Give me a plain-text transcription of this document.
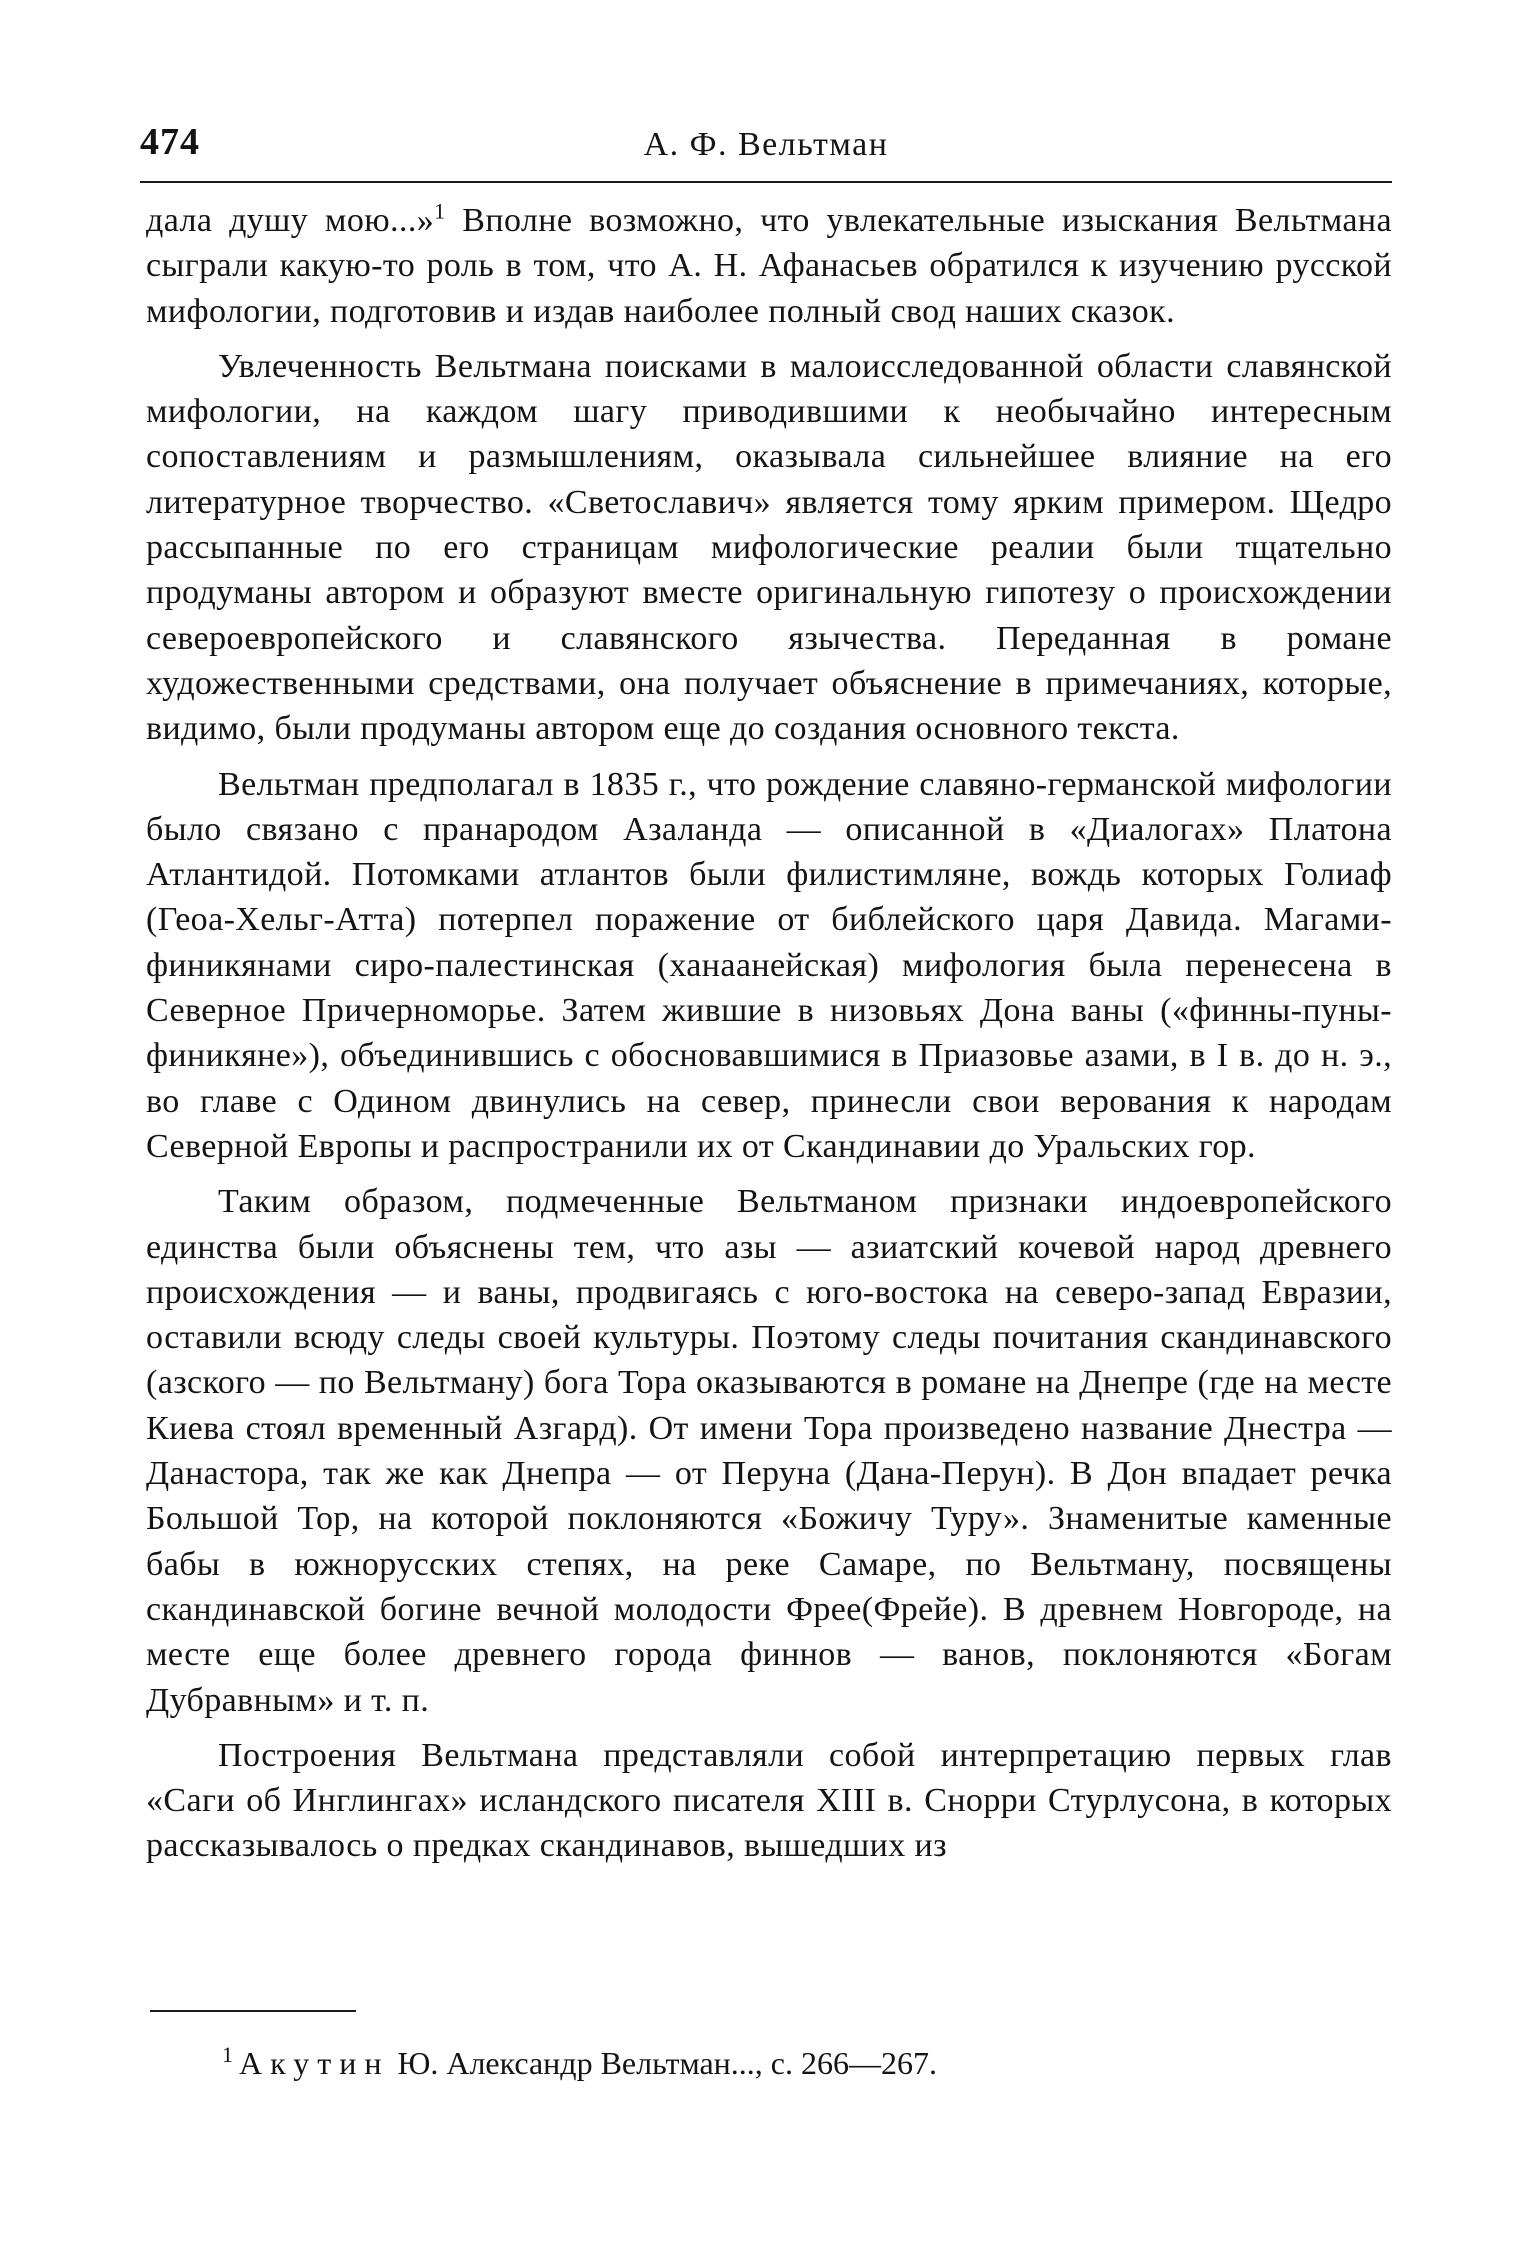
474	А. Ф. Вельтман

дала душу мою...»$^1$ Вполне возможно, что увлекательные изыскания Вельтмана сыграли какую-то роль в том, что А. Н. Афанасьев обратился к изучению русской мифологии, подготовив и издав наиболее полный свод наших сказок.

Увлеченность Вельтмана поисками в малоисследованной области славянской мифологии, на каждом шагу приводившими к необычайно интересным сопоставлениям и размышлениям, оказывала сильнейшее влияние на его литературное творчество. «Светославич» является тому ярким примером. Щедро рассыпанные по его страницам мифологические реалии были тщательно продуманы автором и образуют вместе оригинальную гипотезу о происхождении североевропейского и славянского язычества. Переданная в романе художественными средствами, она получает объяснение в примечаниях, которые, видимо, были продуманы автором еще до создания основного текста.

Вельтман предполагал в 1835 г., что рождение славяно-германской мифологии было связано с пранародом Азаланда — описанной в «Диалогах» Платона Атлантидой. Потомками атлантов были филистимляне, вождь которых Голиаф (Геоа-Хельг-Атта) потерпел поражение от библейского царя Давида. Магами-финикянами сиро-палестинская (ханаанейская) мифология была перенесена в Северное Причерноморье. Затем жившие в низовьях Дона ваны («финны-пуны-финикяне»), объединившись с обосновавшимися в Приазовье азами, в I в. до н. э., во главе с Одином двинулись на север, принесли свои верования к народам Северной Европы и распространили их от Скандинавии до Уральских гор.

Таким образом, подмеченные Вельтманом признаки индоевропейского единства были объяснены тем, что азы — азиатский кочевой народ древнего происхождения — и ваны, продвигаясь с юго-востока на северо-запад Евразии, оставили всюду следы своей культуры. Поэтому следы почитания скандинавского (азского — по Вельтману) бога Тора оказываются в романе на Днепре (где на месте Киева стоял временный Азгард). От имени Тора произведено название Днестра — Данастора, так же как Днепра — от Перуна (Дана-Перун). В Дон впадает речка Большой Тор, на которой поклоняются «Божичу Туру». Знаменитые каменные бабы в южнорусских степях, на реке Самаре, по Вельтману, посвящены скандинавской богине вечной молодости Фрее(Фрейе). В древнем Новгороде, на месте еще более древнего города финнов — ванов, поклоняются «Богам Дубравным» и т. п.

Построения Вельтмана представляли собой интерпретацию первых глав «Саги об Инглингах» исландского писателя XIII в. Снорри Стурлусона, в которых рассказывалось о предках скандинавов, вышедших из

$^1$ Акутин Ю. Александр Вельтман..., с. 266—267.
